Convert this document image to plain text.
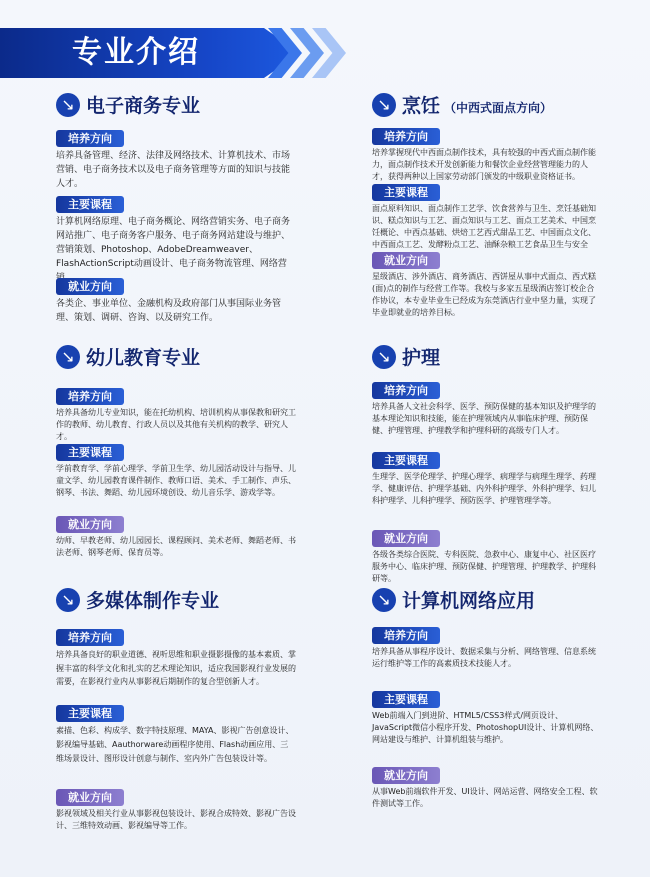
专业介绍
↘ 电子商务专业
培养方向

培养具备管理、经济、法律及网络技术、计算机技术、市场营销、电子商务技术以及电子商务管理等方面的知识与技能人才。

主要课程

计算机网络原理、电子商务概论、网络营销实务、电子商务网站推广、电子商务客户服务、电子商务网站建设与维护、营销策划、Photoshop、AdobeDreamweaver、FlashActionScript动画设计、电子商务物流管理、网络营

就业方向

各类企、事业单位、金融机构及政府部门从事国际业务管理、策划、调研、咨询、以及研究工作。

↘ 幼儿教育专业
培养方向

培养具备幼儿专业知识，能在托幼机构、培训机构从事保教和研究工作的教师、幼儿教育、行政人员以及其他有关机构的教学、研究人才。

主要课程

学前教育学、学前心理学、学前卫生学、幼儿园活动设计与指导、儿童文学、幼儿园教育课件制作、教师口语、美术、手工制作、声乐、钢琴、书法、舞蹈、幼儿园环境创设、幼儿音乐学、游戏学等。

就业方向

幼师、早教老师、幼儿园园长、课程顾问、美术老师、舞蹈老师、书法老师、钢琴老师、保育员等。

↘ 多媒体制作专业
培养方向

培养具备良好的职业道德、视听思维和职业摄影摄像的基本素质、掌握丰富的科学文化和扎实的艺术理论知识，适应我国影视行业发展的需要，在影视行业内从事影视后期制作的复合型创新人才。

主要课程

素描、色彩、构成学、数字特技原理、MAYA、影视广告创意设计、影视编导基础、Aauthorware动画程序使用、Flash动画应用、三维场景设计、图形设计创意与制作、室内外广告包装设计等。

就业方向

影视领域及相关行业从事影视包装设计、影视合成特效、影视广告设计、三维特效动画、影视编导等工作。

↘ 烹饪 （中西式面点方向）
培养方向

培养掌握现代中西面点制作技术，具有较强的中西式面点制作能力，面点制作技术开发创新能力和餐饮企业经营管理能力的人才，获得两种以上国家劳动部门颁发的中级职业资格证书。

主要课程

面点原料知识、面点制作工艺学、饮食营养与卫生、烹饪基础知识、糕点知识与工艺、面点知识与工艺、面点工艺美术、中国烹饪概论、中西点基础、烘焙工艺西式甜品工艺、中国面点文化、中西面点工艺、发酵粉点工艺、油酥杂粮工艺食品卫生与安全

就业方向

星级酒店、涉外酒店、商务酒店、西饼屋从事中式面点、西式糕(面)点的制作与经营工作等。我校与多家五星级酒店签订校企合作协议，本专业毕业生已经成为东莞酒店行业中坚力量，实现了毕业即就业的培养目标。

↘ 护理
培养方向

培养具备人文社会科学、医学、预防保健的基本知识及护理学的基本理论知识和技能，能在护理领域内从事临床护理、预防保健、护理管理、护理教学和护理科研的高级专门人才。

主要课程

生理学、医学伦理学、护理心理学、病理学与病理生理学、药理学、健康评估、护理学基础、内外科护理学、外科护理学、妇儿科护理学、儿科护理学、预防医学、护理管理学等。

就业方向

各级各类综合医院、专科医院、急救中心、康复中心、社区医疗服务中心、临床护理、预防保健、护理管理、护理教学、护理科研等。

↘ 计算机网络应用
培养方向

培养具备从事程序设计、数据采集与分析、网络管理、信息系统运行维护等工作的高素质技术技能人才。

主要课程

Web前端入门到进阶、HTML5/CSS3样式/网页设计、JavaScript微信小程序开发、PhotoshopUI设计、计算机网络、网站建设与维护、计算机组装与维护。

就业方向

从事Web前端软件开发、UI设计、网站运营、网络安全工程、软件测试等工作。
